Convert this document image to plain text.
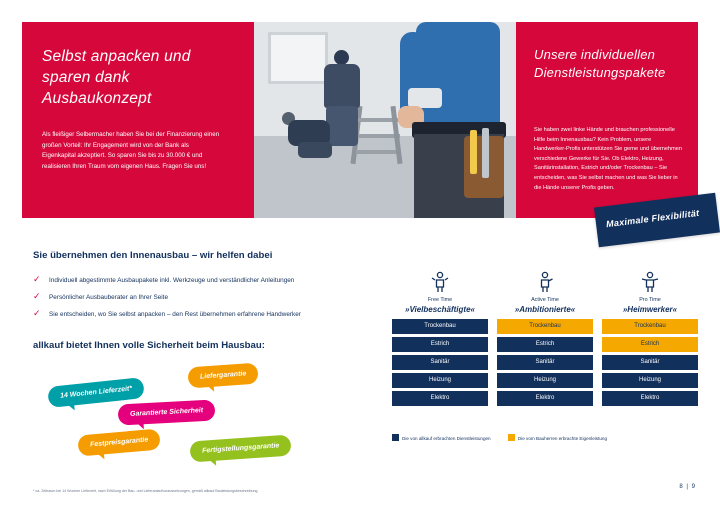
Selbst anpacken und sparen dank Ausbaukonzept
Als fleißiger Selbermacher haben Sie bei der Finanzierung einen großen Vorteil: Ihr Engagement wird von der Bank als Eigenkapital akzeptiert. So sparen Sie bis zu 30.000 € und realisieren Ihren Traum vom eigenen Haus. Fragen Sie uns!
Unsere individuellen Dienstleistungspakete
Sie haben zwei linke Hände und brauchen professionelle Hilfe beim Innenausbau? Kein Problem, unsere Handwerker-Profis unterstützen Sie gerne und übernehmen verschiedene Gewerke für Sie. Ob Elektro, Heizung, Sanitärinstallation, Estrich und/oder Trockenbau – Sie entscheiden, was Sie selbst machen und was Sie lieber in die Hände unserer Profis geben.
Maximale Flexibilität
Sie übernehmen den Innenausbau – wir helfen dabei
✓ Individuell abgestimmte Ausbaupakete inkl. Werkzeuge und verständlicher Anleitungen
✓ Persönlicher Ausbauberater an Ihrer Seite
✓ Sie entscheiden, wo Sie selbst anpacken – den Rest übernehmen erfahrene Handwerker
allkauf bietet Ihnen volle Sicherheit beim Hausbau:
14 Wochen Lieferzeit*
Liefergarantie
Garantierte Sicherheit
Festpreisgarantie	Fertigstellungsgarantie
Free Time
»Vielbeschäftigte«
Trockenbau
Estrich
Sanitär
Heizung
Elektro
Active Time
»Ambitionierte«
Trockenbau
Estrich
Sanitär
Heizung
Elektro
Pro Time
»Heimwerker«
Trockenbau
Estrich
Sanitär
Heizung
Elektro
Die von allkauf erbrachten Dienstleistungen	Die vom Bauherren erbrachte Eigenleistung
* ca. Zeitraum bei 14 Wochen Lieferzeit, nach Erfüllung der Bau- und Lieferanlaufvoraussetzungen, gemäß allkauf Bauleistungsbeschreibung
8 | 9
